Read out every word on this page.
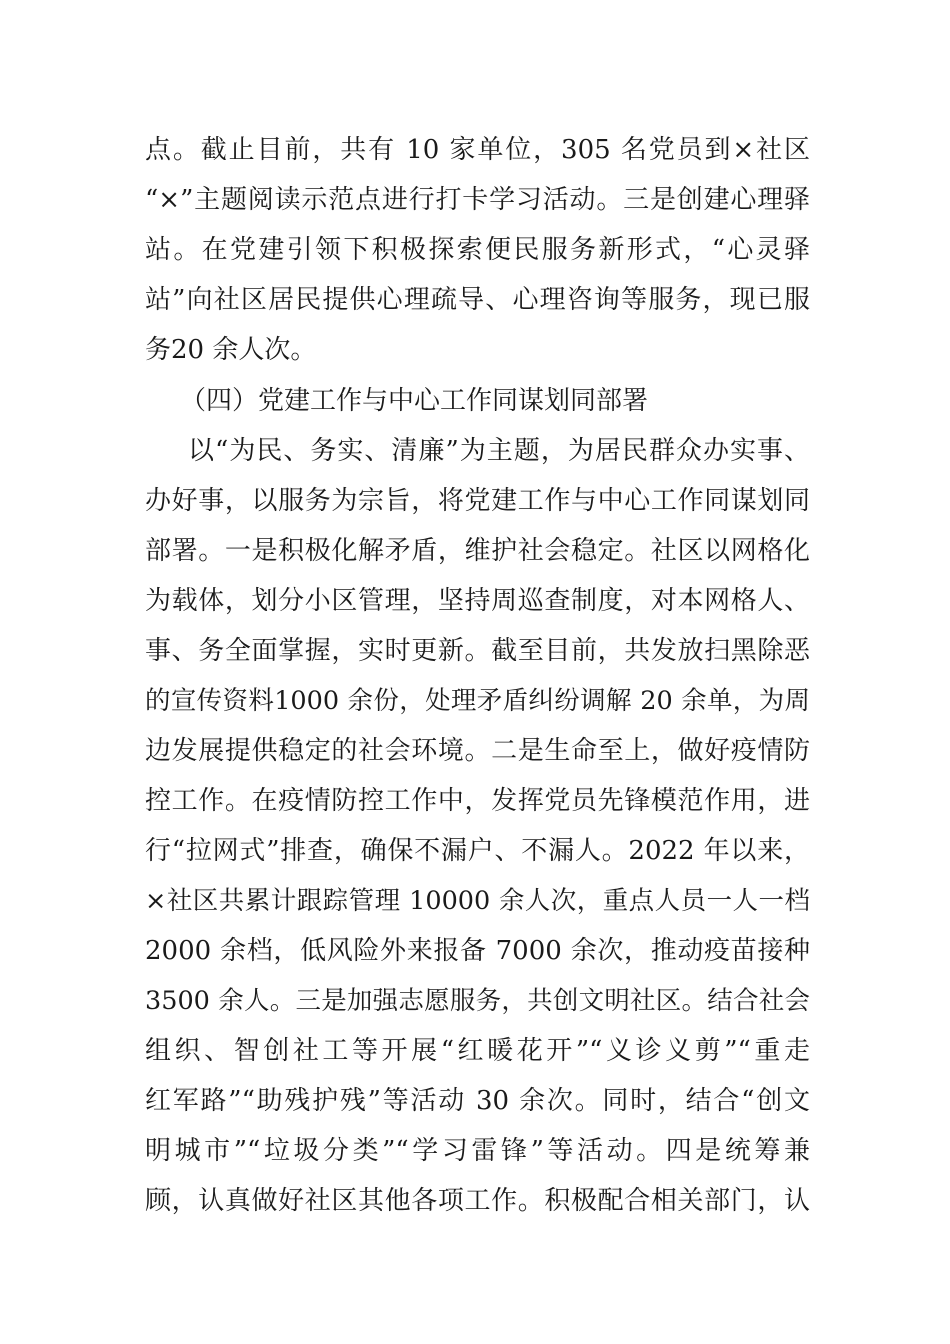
点。截止目前，共有 10 家单位，305 名党员到×社区
“×”主题阅读示范点进行打卡学习活动。三是创建心理驿
站。在党建引领下积极探索便民服务新形式，“心灵驿
站”向社区居民提供心理疏导、心理咨询等服务，现已服
务20 余人次。
（四）党建工作与中心工作同谋划同部署
以“为民、务实、清廉”为主题，为居民群众办实事、
办好事，以服务为宗旨，将党建工作与中心工作同谋划同
部署。一是积极化解矛盾，维护社会稳定。社区以网格化
为载体，划分小区管理，坚持周巡查制度，对本网格人、
事、务全面掌握，实时更新。截至目前，共发放扫黑除恶
的宣传资料1000 余份，处理矛盾纠纷调解 20 余单，为周
边发展提供稳定的社会环境。二是生命至上，做好疫情防
控工作。在疫情防控工作中，发挥党员先锋模范作用，进
行“拉网式”排查，确保不漏户、不漏人。2022 年以来，
×社区共累计跟踪管理 10000 余人次，重点人员一人一档
2000 余档，低风险外来报备 7000 余次，推动疫苗接种
3500 余人。三是加强志愿服务，共创文明社区。结合社会
组织、智创社工等开展“红暖花开”“义诊义剪”“重走
红军路”“助残护残”等活动 30 余次。同时，结合“创文
明城市”“垃圾分类”“学习雷锋”等活动。四是统筹兼
顾，认真做好社区其他各项工作。积极配合相关部门，认
